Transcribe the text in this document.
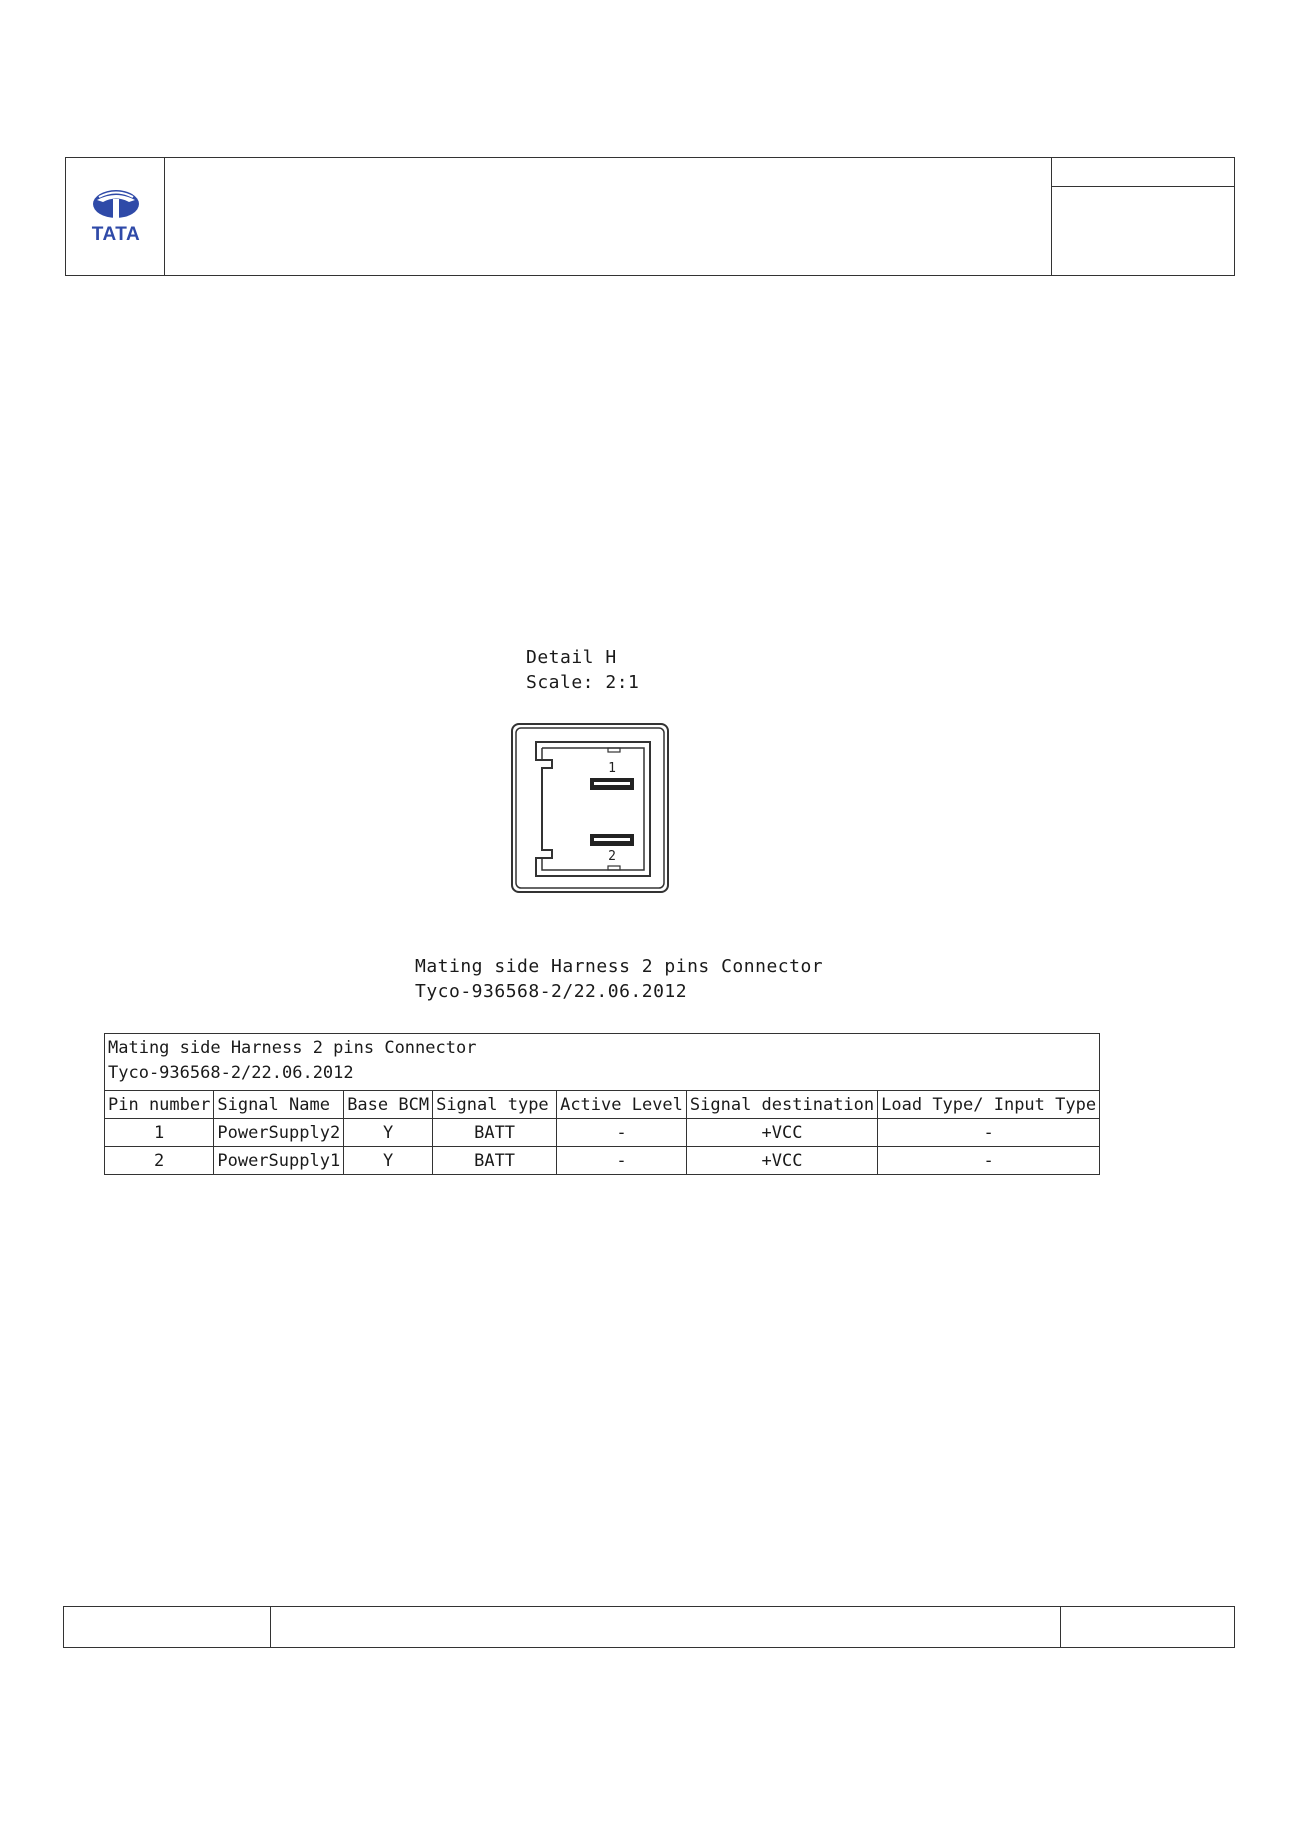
TATA
Detail H
Scale: 2:1
1
2
Mating side Harness 2 pins Connector
Tyco-936568-2/22.06.2012
Mating side Harness 2 pins Connector
Tyco-936568-2/22.06.2012						

Pin number	Signal Name	Base BCM	Signal type	Active Level	Signal destination	Load Type/ Input Type
1	PowerSupply2	Y	BATT	-	+VCC	-
2	PowerSupply1	Y	BATT	-	+VCC	-
